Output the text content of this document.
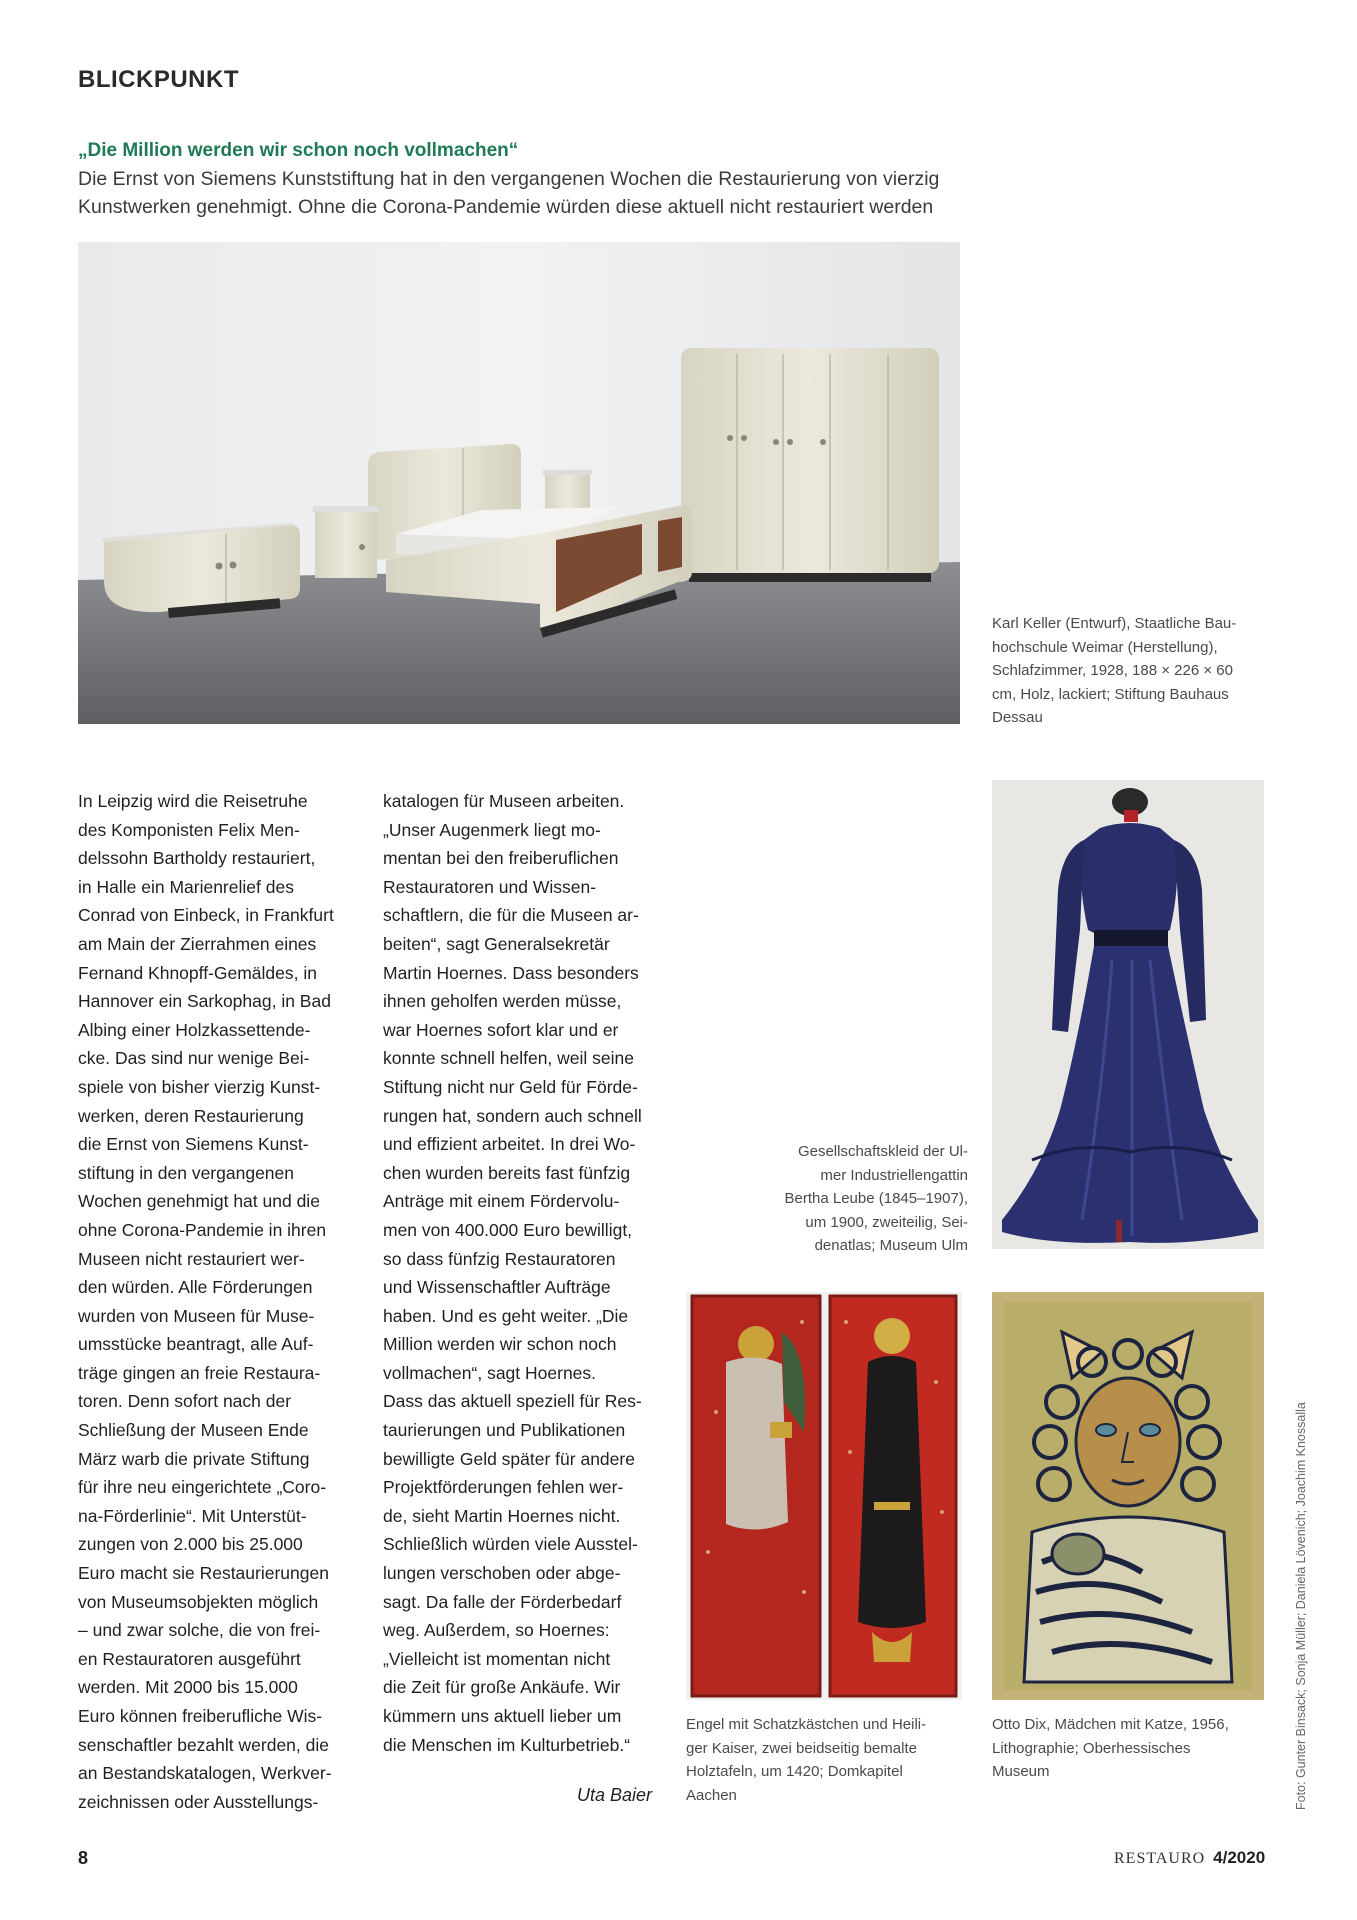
BLICKPUNKT
„Die Million werden wir schon noch vollmachen“
Die Ernst von Siemens Kunststiftung hat in den vergangenen Wochen die Restaurierung von vierzig
Kunstwerken genehmigt. Ohne die Corona-Pandemie würden diese aktuell nicht restauriert werden
Karl Keller (Entwurf), Staatliche Bau-
hochschule Weimar (Herstellung),
Schlafzimmer, 1928, 188 × 226 × 60
cm, Holz, lackiert; Stiftung Bauhaus
Dessau

In Leipzig wird die Reisetruhe

des Komponisten Felix Men-

delssohn Bartholdy restauriert,

in Halle ein Marienrelief des

Conrad von Einbeck, in Frankfurt

am Main der Zierrahmen eines

Fernand Khnopff-Gemäldes, in

Hannover ein Sarkophag, in Bad

Albing einer Holzkassettende-

cke. Das sind nur wenige Bei-

spiele von bisher vierzig Kunst-

werken, deren Restaurierung

die Ernst von Siemens Kunst-

stiftung in den vergangenen

Wochen genehmigt hat und die

ohne Corona-Pandemie in ihren

Museen nicht restauriert wer-

den würden. Alle Förderungen

wurden von Museen für Muse-

umsstücke beantragt, alle Auf-

träge gingen an freie Restaura-

toren. Denn sofort nach der

Schließung der Museen Ende

März warb die private Stiftung

für ihre neu eingerichtete „Coro-

na-Förderlinie“. Mit Unterstüt-

zungen von 2.000 bis 25.000

Euro macht sie Restaurierungen

von Museumsobjekten möglich

– und zwar solche, die von frei-

en Restauratoren ausgeführt

werden. Mit 2000 bis 15.000

Euro können freiberufliche Wis-

senschaftler bezahlt werden, die

an Bestandskatalogen, Werkver-

zeichnissen oder Ausstellungs-

katalogen für Museen arbeiten.

„Unser Augenmerk liegt mo-

mentan bei den freiberuflichen

Restauratoren und Wissen-

schaftlern, die für die Museen ar-

beiten“, sagt Generalsekretär

Martin Hoernes. Dass besonders

ihnen geholfen werden müsse,

war Hoernes sofort klar und er

konnte schnell helfen, weil seine

Stiftung nicht nur Geld für Förde-

rungen hat, sondern auch schnell

und effizient arbeitet. In drei Wo-

chen wurden bereits fast fünfzig

Anträge mit einem Fördervolu-

men von 400.000 Euro bewilligt,

so dass fünfzig Restauratoren

und Wissenschaftler Aufträge

haben. Und es geht weiter. „Die

Million werden wir schon noch

vollmachen“, sagt Hoernes.

Dass das aktuell speziell für Res-

taurierungen und Publikationen

bewilligte Geld später für andere

Projektförderungen fehlen wer-

de, sieht Martin Hoernes nicht.

Schließlich würden viele Ausstel-

lungen verschoben oder abge-

sagt. Da falle der Förderbedarf

weg. Außerdem, so Hoernes:

„Vielleicht ist momentan nicht

die Zeit für große Ankäufe. Wir

kümmern uns aktuell lieber um

die Menschen im Kulturbetrieb.“

Uta Baier
Gesellschaftskleid der Ul-
mer Industriellengattin
Bertha Leube (1845–1907),
um 1900, zweiteilig, Sei-
denatlas; Museum Ulm
Engel mit Schatzkästchen und Heili-
ger Kaiser, zwei beidseitig bemalte
Holztafeln, um 1420; Domkapitel
Aachen
Otto Dix, Mädchen mit Katze, 1956,
Lithographie; Oberhessisches
Museum	Foto: Gunter Binsack; Sonja Müller; Daniela Lövenich; Joachim Knossalla
8	RESTAURO 4/2020
